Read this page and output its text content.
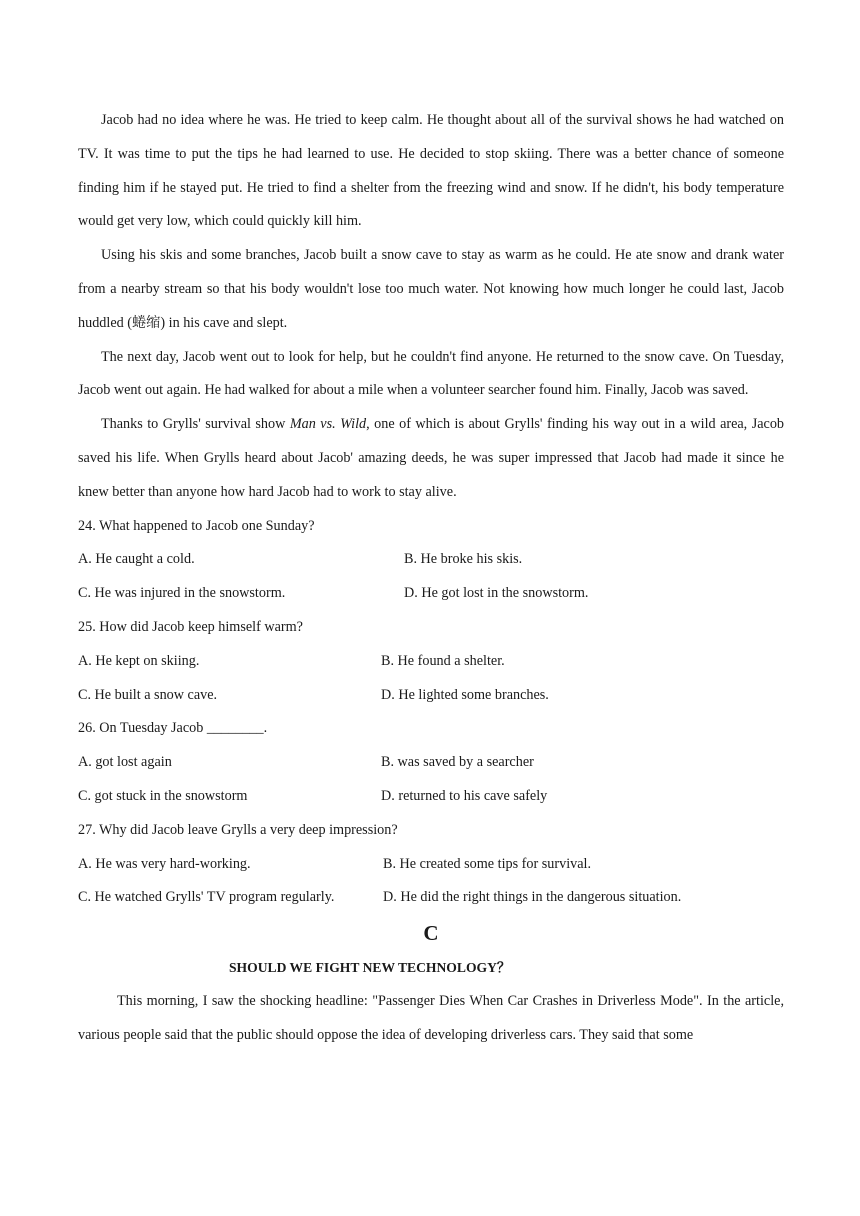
Jacob had no idea where he was. He tried to keep calm. He thought about all of the survival shows he had watched on TV. It was time to put the tips he had learned to use. He decided to stop skiing. There was a better chance of someone finding him if he stayed put. He tried to find a shelter from the freezing wind and snow. If he didn't, his body temperature would get very low, which could quickly kill him.

Using his skis and some branches, Jacob built a snow cave to stay as warm as he could. He ate snow and drank water from a nearby stream so that his body wouldn't lose too much water. Not knowing how much longer he could last, Jacob huddled (蜷缩) in his cave and slept.

The next day, Jacob went out to look for help, but he couldn't find anyone. He returned to the snow cave. On Tuesday, Jacob went out again. He had walked for about a mile when a volunteer searcher found him. Finally, Jacob was saved.

Thanks to Grylls' survival show Man vs. Wild, one of which is about Grylls' finding his way out in a wild area, Jacob saved his life. When Grylls heard about Jacob' amazing deeds, he was super impressed that Jacob had made it since he knew better than anyone how hard Jacob had to work to stay alive.

24. What happened to Jacob one Sunday?

A. He caught a cold.	B. He broke his skis.
C. He was injured in the snowstorm.	D. He got lost in the snowstorm.

25. How did Jacob keep himself warm?

A. He kept on skiing.	B. He found a shelter.
C. He built a snow cave.	D. He lighted some branches.

26. On Tuesday Jacob ________.

A. got lost again	B. was saved by a searcher
C. got stuck in the snowstorm	D. returned to his cave safely

27. Why did Jacob leave Grylls a very deep impression?

A. He was very hard-working.	B. He created some tips for survival.
C. He watched Grylls' TV program regularly.	D. He did the right things in the dangerous situation.

C

SHOULD WE FIGHT NEW TECHNOLOGY？

This morning, I saw the shocking headline: "Passenger Dies When Car Crashes in Driverless Mode". In the article, various people said that the public should oppose the idea of developing driverless cars. They said that some
